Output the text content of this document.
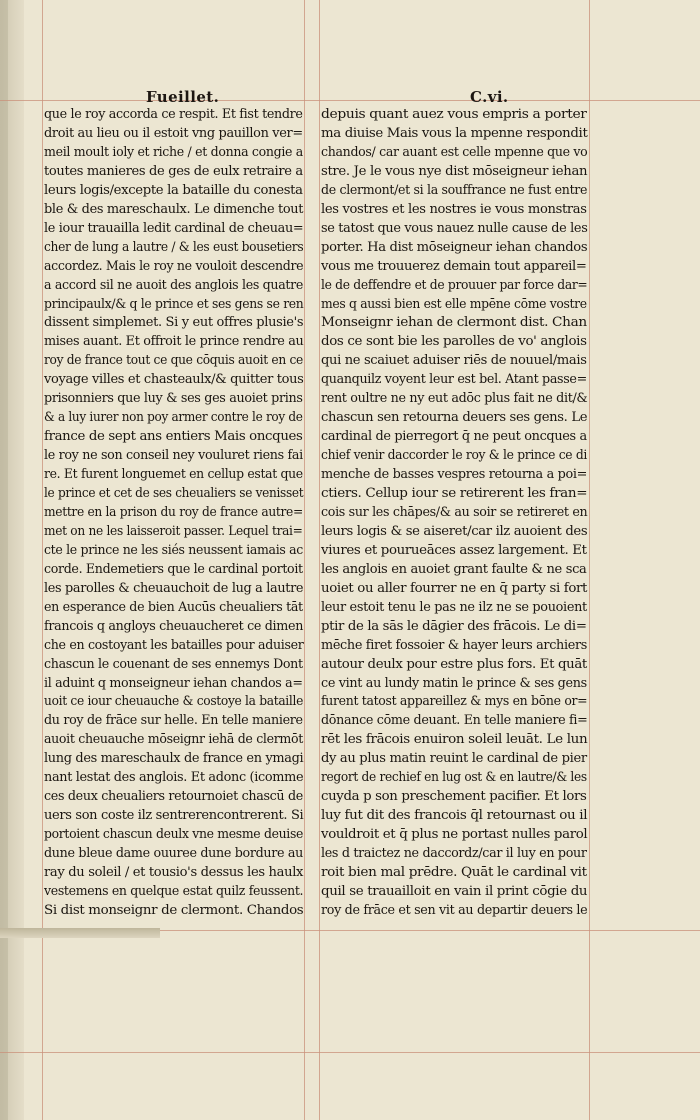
Fueillet.	C.vi.
que le roy accorda ce respit. Et fist tendre
droit au lieu ou il estoit vng pauillon ver=
meil moult ioly et riche / et donna congie a
toutes manieres de ges de eulx retraire a
leurs logis/excepte la bataille du conesta
ble & des mareschaulx. Le dimenche tout
le iour trauailla ledit cardinal de cheuau=
cher de lung a lautre / & les eust bousetiers
accordez. Mais le roy ne vouloit descendre
a accord sil ne auoit des anglois les quatre
principaulx/& q le prince et ses gens se ren
dissent simplemet. Si y eut offres plusie's
mises auant. Et offroit le prince rendre au
roy de france tout ce que cōquis auoit en ce
voyage villes et chasteaulx/& quitter tous
prisonniers que luy & ses ges auoiet prins
& a luy iurer non poy armer contre le roy de
france de sept ans entiers Mais oncques
le roy ne son conseil ney vouluret riens fai
re. Et furent longuemet en cellup estat que
le prince et cet de ses cheualiers se venisset
mettre en la prison du roy de france autre=
met on ne les laisseroit passer. Lequel trai=
cte le prince ne les siés neussent iamais ac
corde. Endemetiers que le cardinal portoit
les parolles & cheuauchoit de lug a lautre
en esperance de bien Aucūs cheualiers tāt
francois q angloys cheuaucheret ce dimen
che en costoyant les batailles pour aduiser
chascun le couenant de ses ennemys Dont
il aduint q monseigneur iehan chandos a=
uoit ce iour cheuauche & costoye la bataille
du roy de frāce sur helle. En telle maniere
auoit cheuauche mōseignr iehā de clermōt
lung des mareschaulx de france en ymagi
nant lestat des anglois. Et adonc (icomme
ces deux cheualiers retournoiet chascū de
uers son coste ilz sentrerencontrerent. Si
portoient chascun deulx vne mesme deuise
dune bleue dame ouuree dune bordure au
ray du soleil / et tousio's dessus les haulx
vestemens en quelque estat quilz feussent.
Si dist monseignr de clermont. Chandos
depuis quant auez vous empris a porter
ma diuise Mais vous la mpenne respondit
chandos/ car auant est celle mpenne que vo
stre. Je le vous nye dist mōseigneur iehan
de clermont/et si la souffrance ne fust entre
les vostres et les nostres ie vous monstras
se tatost que vous nauez nulle cause de les
porter. Ha dist mōseigneur iehan chandos
vous me trouuerez demain tout appareil=
le de deffendre et de prouuer par force dar=
mes q aussi bien est elle mpēne cōme vostre
Monseignr iehan de clermont dist. Chan
dos ce sont bie les parolles de vo' anglois
qui ne scaiuet aduiser riēs de nouuel/mais
quanquilz voyent leur est bel. Atant passe=
rent oultre ne ny eut adōc plus fait ne dit/&
chascun sen retourna deuers ses gens. Le
cardinal de pierregort q̄ ne peut oncques a
chief venir daccorder le roy & le prince ce di
menche de basses vespres retourna a poi=
ctiers. Cellup iour se retirerent les fran=
cois sur les chāpes/& au soir se retireret en
leurs logis & se aiseret/car ilz auoient des
viures et pourueāces assez largement. Et
les anglois en auoiet grant faulte & ne sca
uoiet ou aller fourrer ne en q̄ party si fort
leur estoit tenu le pas ne ilz ne se pouoient
ptir de la sās le dāgier des frācois. Le di=
mēche firet fossoier & hayer leurs archiers
autour deulx pour estre plus fors. Et quāt
ce vint au lundy matin le prince & ses gens
furent tatost appareillez & mys en bōne or=
dōnance cōme deuant. En telle maniere fi=
rēt les frācois enuiron soleil leuāt. Le lun
dy au plus matin reuint le cardinal de pier
regort de rechief en lug ost & en lautre/& les
cuyda p son preschement pacifier. Et lors
luy fut dit des francois q̄l retournast ou il
vouldroit et q̄ plus ne portast nulles parol
les d traictez ne daccordz/car il luy en pour
roit bien mal prēdre. Quāt le cardinal vit
quil se trauailloit en vain il print cōgie du
roy de frāce et sen vit au departir deuers le
